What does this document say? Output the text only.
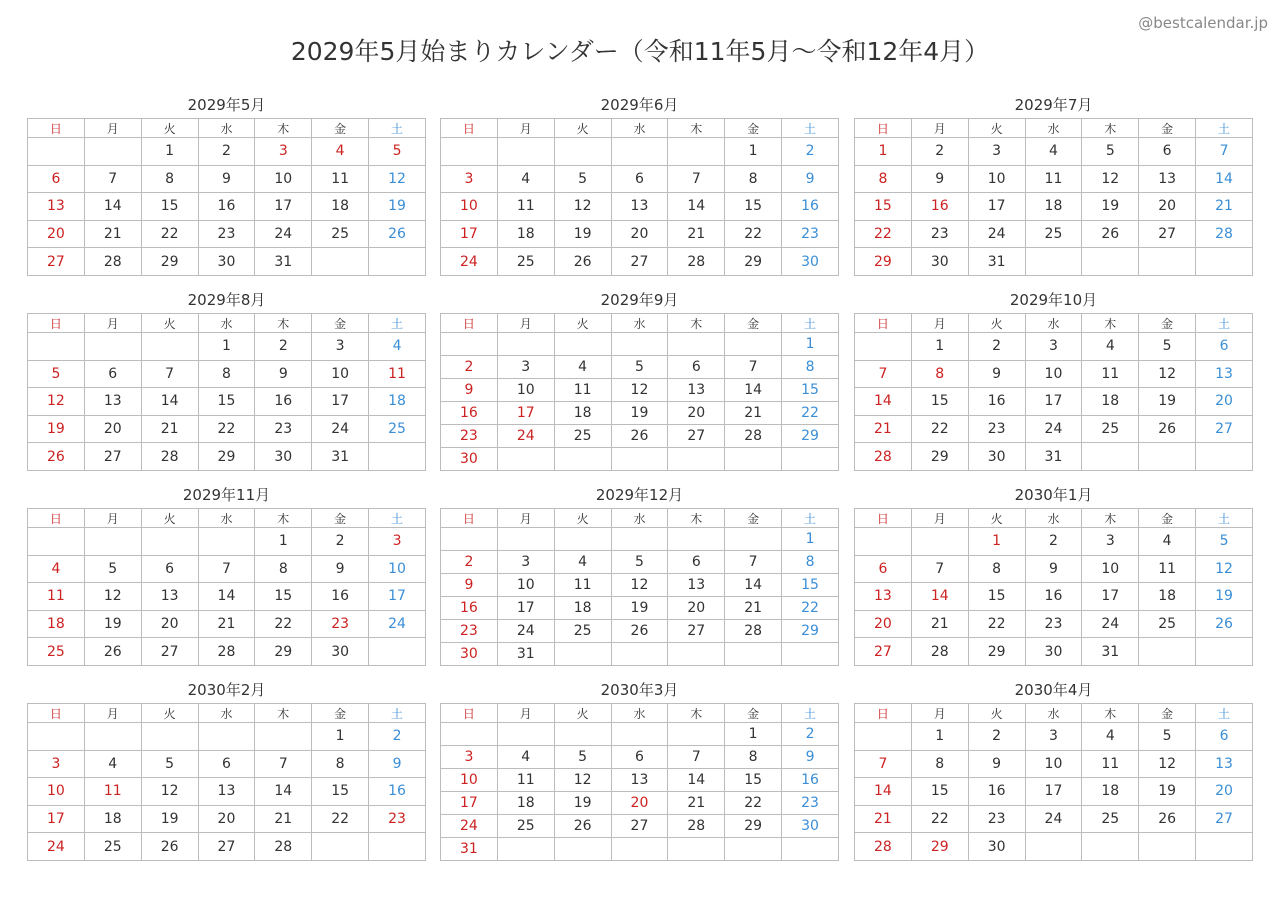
@bestcalendar.jp
2029年5月始まりカレンダー（令和11年5月〜令和12年4月）
2029年5月
日	月	火	水	木	金	土
		1	2	3	4	5
6	7	8	9	10	11	12
13	14	15	16	17	18	19
20	21	22	23	24	25	26
27	28	29	30	31		
2029年6月
日	月	火	水	木	金	土
					1	2
3	4	5	6	7	8	9
10	11	12	13	14	15	16
17	18	19	20	21	22	23
24	25	26	27	28	29	30
2029年7月
日	月	火	水	木	金	土
1	2	3	4	5	6	7
8	9	10	11	12	13	14
15	16	17	18	19	20	21
22	23	24	25	26	27	28
29	30	31				
2029年8月
日	月	火	水	木	金	土
			1	2	3	4
5	6	7	8	9	10	11
12	13	14	15	16	17	18
19	20	21	22	23	24	25
26	27	28	29	30	31	
2029年9月
日	月	火	水	木	金	土
						1
2	3	4	5	6	7	8
9	10	11	12	13	14	15
16	17	18	19	20	21	22
23	24	25	26	27	28	29
30						
2029年10月
日	月	火	水	木	金	土
	1	2	3	4	5	6
7	8	9	10	11	12	13
14	15	16	17	18	19	20
21	22	23	24	25	26	27
28	29	30	31			
2029年11月
日	月	火	水	木	金	土
				1	2	3
4	5	6	7	8	9	10
11	12	13	14	15	16	17
18	19	20	21	22	23	24
25	26	27	28	29	30	
2029年12月
日	月	火	水	木	金	土
						1
2	3	4	5	6	7	8
9	10	11	12	13	14	15
16	17	18	19	20	21	22
23	24	25	26	27	28	29
30	31					
2030年1月
日	月	火	水	木	金	土
		1	2	3	4	5
6	7	8	9	10	11	12
13	14	15	16	17	18	19
20	21	22	23	24	25	26
27	28	29	30	31		
2030年2月
日	月	火	水	木	金	土
					1	2
3	4	5	6	7	8	9
10	11	12	13	14	15	16
17	18	19	20	21	22	23
24	25	26	27	28		
2030年3月
日	月	火	水	木	金	土
					1	2
3	4	5	6	7	8	9
10	11	12	13	14	15	16
17	18	19	20	21	22	23
24	25	26	27	28	29	30
31						
2030年4月
日	月	火	水	木	金	土
	1	2	3	4	5	6
7	8	9	10	11	12	13
14	15	16	17	18	19	20
21	22	23	24	25	26	27
28	29	30				
